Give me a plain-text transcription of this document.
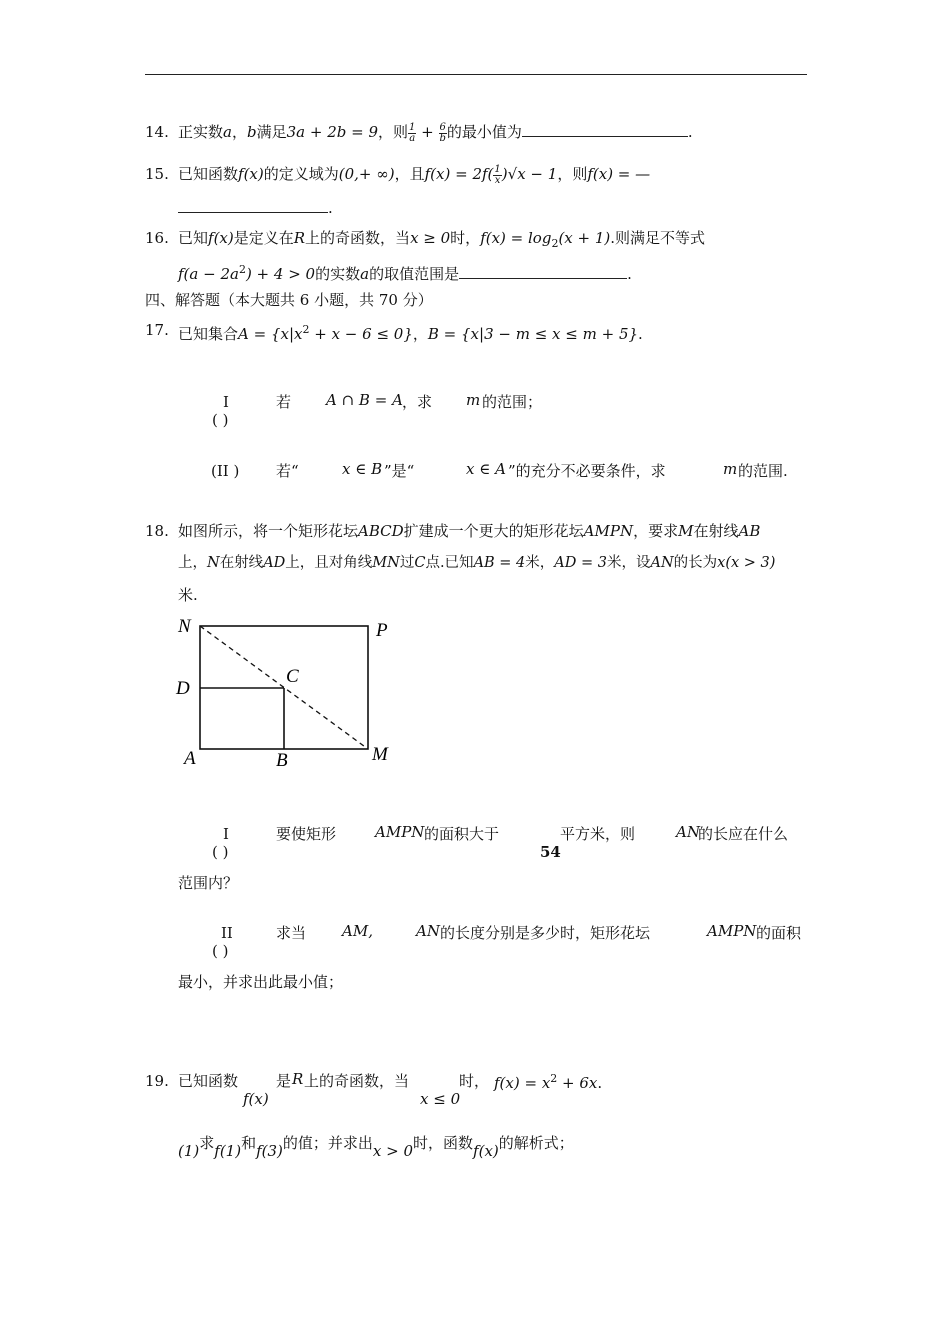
14. 正实数a，b满足3a + 2b = 9，则 $\frac{1}{a} + \frac{6}{b}$ 的最小值为	.
15. 已知函数f(x)的定义域为(0,+ ∞)，且$f(x) = 2f( \frac{1}{x} )√x - 1$，则f(x) = —
.
16. 已知f(x)是定义在R上的奇函数，当x ≥ 0时，$f(x) = \log_2(x + 1)$.则满足不等式
$f(a - 2a^2) + 4 > 0$的实数a的取值范围是	.
四、解答题（本大题共 6 小题，共 70 分）
17. 已知集合$A = \{x|x^2 + x - 6 \le 0\}$，B = {x|3 − m ≤ x ≤ m + 5}.
I
( )
若 A ∩ B = A ，求 m 的范围；
(II ) 若“	x ∈ B ”是“	x ∈ A ”的充分不必要条件，求	m 的范围.
18. 如图所示，将一个矩形花坛ABCD扩建成一个更大的矩形花坛AMPN，要求M在射线AB
上，N在射线AD上，且对角线MN过C点.已知AB = 4米，AD = 3米，设AN的长为x(x > 3)
米.
N	P
D
C
A	B	M
I
( )
要使矩形	AMPN 的面积大于
54
平方米，则	AN
的长应在什么
范围内？
II
( )
求当 AM,	AN 的长度分别是多少时，矩形花坛	AMPN 的面积
最小，并求出此最小值；
19. 已知函数
f(x)
是 R 上的奇函数，当
x ≤ 0
时， $f(x) = x^2 + 6x$.
(1)求f(1)和f(3)的值；并求出x > 0时，函数f(x)的解析式；
